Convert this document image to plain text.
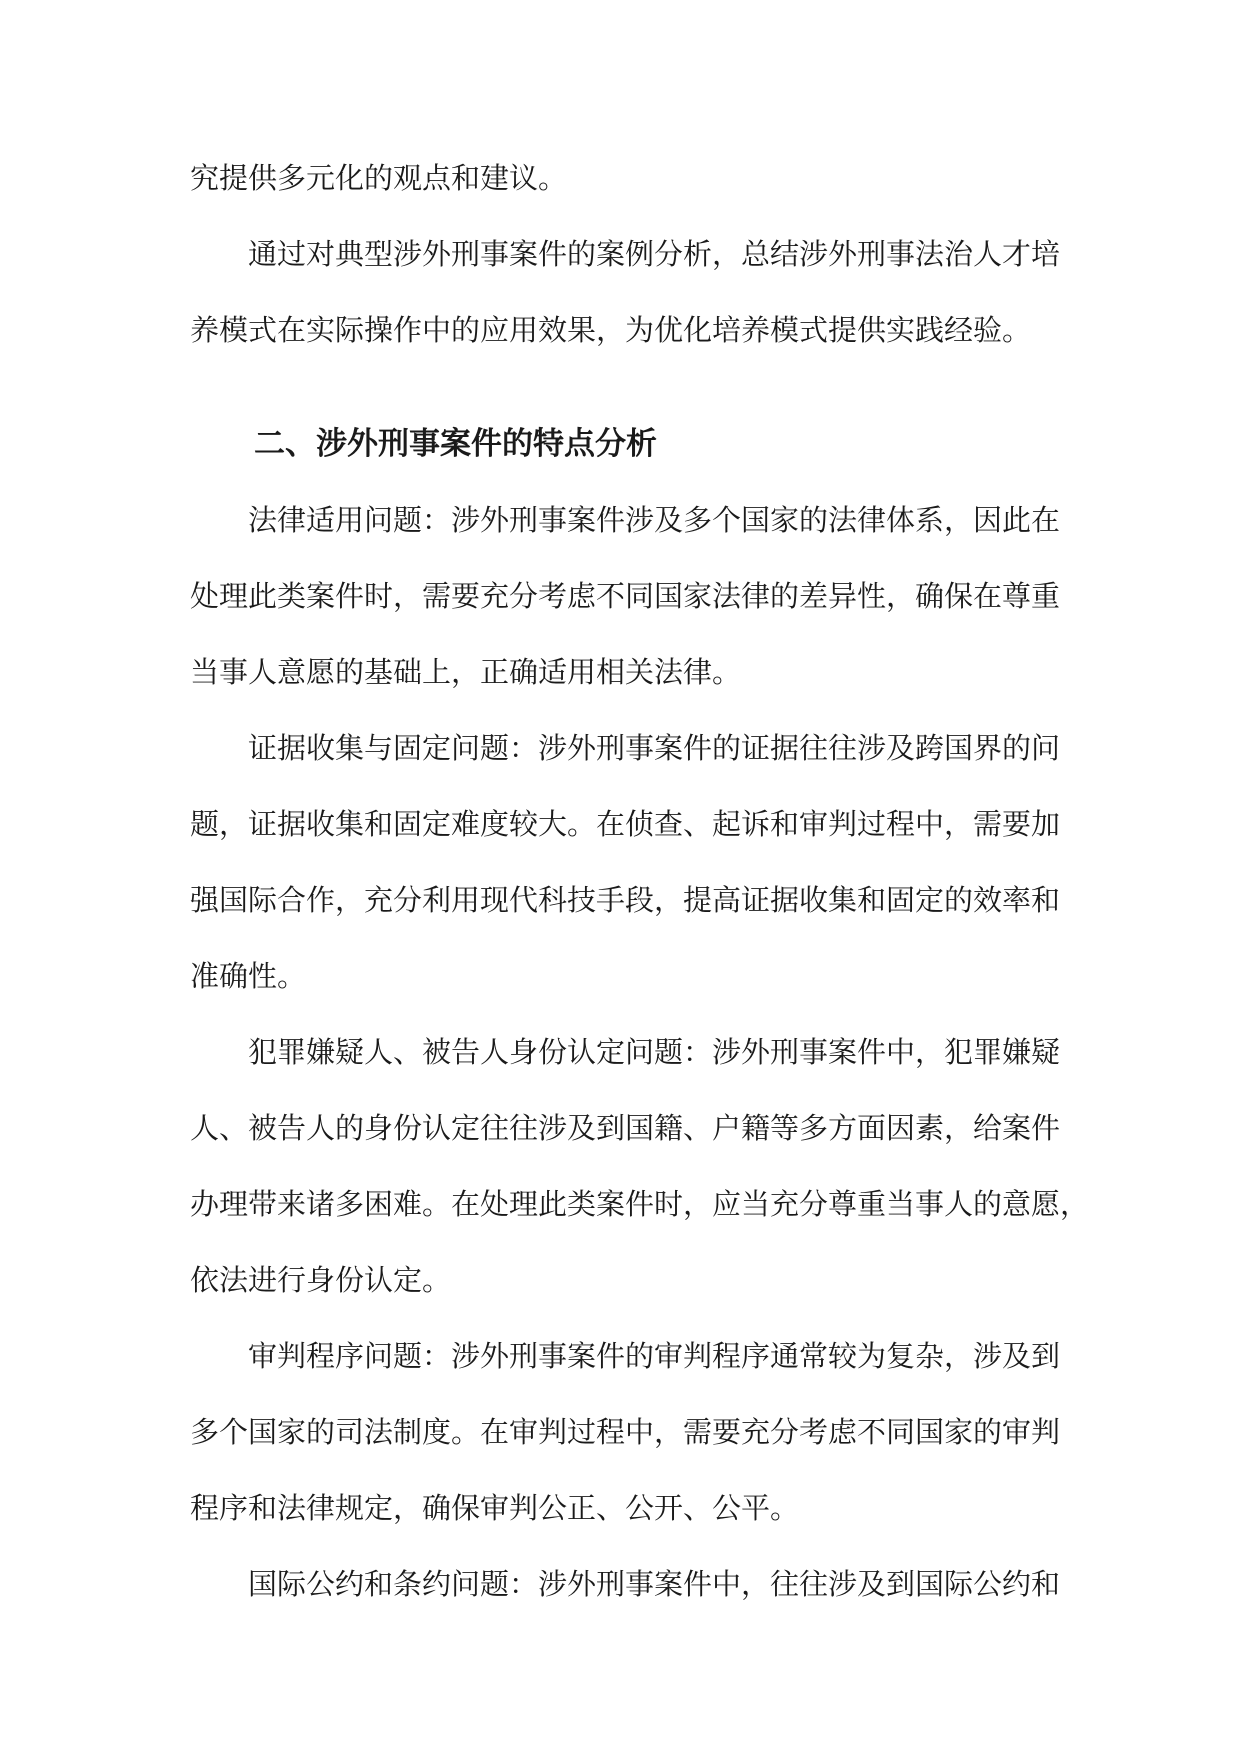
究提供多元化的观点和建议。

通过对典型涉外刑事案件的案例分析，总结涉外刑事法治人才培
养模式在实际操作中的应用效果，为优化培养模式提供实践经验。

二、涉外刑事案件的特点分析

法律适用问题：涉外刑事案件涉及多个国家的法律体系，因此在
处理此类案件时，需要充分考虑不同国家法律的差异性，确保在尊重
当事人意愿的基础上，正确适用相关法律。

证据收集与固定问题：涉外刑事案件的证据往往涉及跨国界的问
题，证据收集和固定难度较大。在侦查、起诉和审判过程中，需要加
强国际合作，充分利用现代科技手段，提高证据收集和固定的效率和
准确性。

犯罪嫌疑人、被告人身份认定问题：涉外刑事案件中，犯罪嫌疑
人、被告人的身份认定往往涉及到国籍、户籍等多方面因素，给案件
办理带来诸多困难。在处理此类案件时，应当充分尊重当事人的意愿，
依法进行身份认定。

审判程序问题：涉外刑事案件的审判程序通常较为复杂，涉及到
多个国家的司法制度。在审判过程中，需要充分考虑不同国家的审判
程序和法律规定，确保审判公正、公开、公平。

国际公约和条约问题：涉外刑事案件中，往往涉及到国际公约和
